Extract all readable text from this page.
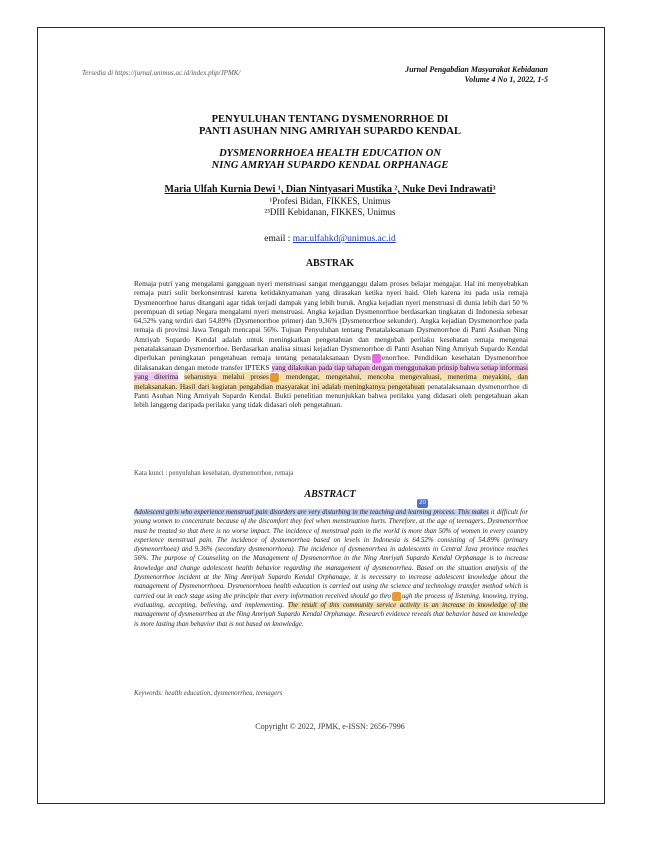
Tersedia di https://jurnal.unimus.ac.id/index.php/JPMK/	Jurnal Pengabdian Masyarakat Kebidanan
Volume 4 No 1, 2022, 1-5
PENYULUHAN TENTANG DYSMENORRHOE DI
PANTI ASUHAN NING AMRIYAH SUPARDO KENDAL
DYSMENORRHOEA HEALTH EDUCATION ON
NING AMRYAH SUPARDO KENDAL ORPHANAGE
Maria Ulfah Kurnia Dewi ¹, Dian Nintyasari Mustika ², Nuke Devi Indrawati³
¹Profesi Bidan, FIKKES, Unimus
²³DIII Kebidanan, FIKKES, Unimus
email : mar.ulfahkd@unimus.ac.id
ABSTRAK
Remaja putri yang mengalami gangguan nyeri menstruasi sangat mengganggu dalam proses belajar mengajar. Hal ini menyebabkan remaja putri sulit berkonsentrasi karena ketidaknyamanan yang dirasakan ketika nyeri haid. Oleh karena itu pada usia remaja Dysmenorrhoe harus ditangani agar tidak terjadi dampak yang lebih buruk. Angka kejadian nyeri menstruasi di dunia lebih dari 50 % perempuan di setiap Negara mengalami nyeri menstruasi. Angka kejadian Dysmenorrhoe berdasarkan tingkatan di Indonesia sebesar 64,52% yang terdiri dari 54,89% (Dysmenorrhoe primer) dan 9,36% (Dysmenorrhoe sekunder). Angka kejadian Dysmenorrhoe pada remaja di provinsi Jawa Tengah mencapai 56%. Tujuan Penyuluhan tentang Penatalaksanaan Dysmenorrhoe di Panti Asuhan Ning Amriyah Supardo Kendal adalah untuk meningkatkan pengetahuan dan mengubah perilaku kesehatan remaja mengenai penatalaksanaan Dysmenorrhoe. Berdasarkan analisa situasi kejadian Dysmenorrhoe di Panti Asuhan Ning Amriyah Supardo Kendal diperlukan peningkatan pengetahuan remaja tentang penatalaksanaan Dysm enorrhoe. Pendidikan kesehatan Dysmenorrhoe dilaksanakan dengan metode transfer IPTEKS yang dilakukan pada tiap tahapan dengan menggunakan prinsip bahwa setiap informasi yang diterima seharusnya melalui proses mendengar, mengetahui, mencoba mengevaluasi, menerima meyakini, dan melaksanakan. Hasil dari kegiatan pengabdian masyarakat ini adalah meningkatnya pengetahuan penatalaksanaan dysmenorrhoe di Panti Asuhan Ning Amriyah Supardo Kendal. Bukti penelitian menunjukkan bahwa perilaku yang didasari oleh pengetahuan akan lebih langgeng daripada perilaku yang tidak didasari oleh pengetahuan.
Kata kunci : penyuluhan kesehatan, dysmenorrhoe, remaja
ABSTRACT
20
Adolescent girls who experience menstrual pain disorders are very disturbing in the teaching and learning process. This makes it difficult for young women to concentrate because of the discomfort they feel when menstruation hurts. Therefore, at the age of teenagers, Dysmenorrhoe must be treated so that there is no worse impact. The incidence of menstrual pain in the world is more than 50% of women in every country experience menstrual pain. The incidence of dysmenorrhea based on levels in Indonesia is 64.52% consisting of 54.89% (primary dysmenorrhoea) and 9.36% (secondary dysmenorrhoea). The incidence of dysmenorrhea in adolescents in Central Java province reaches 56%. The purpose of Counseling on the Management of Dysmenorrhoe in the Ning Amriyah Supardo Kendal Orphanage is to increase knowledge and change adolescent health behavior regarding the management of dysmenorrhea. Based on the situation analysis of the Dysmenorrhoe incident at the Ning Amriyah Supardo Kendal Orphanage, it is necessary to increase adolescent knowledge about the management of Dysmenorrhoea. Dysmenorrhoea health education is carried out using the science and technology transfer method which is carried out in each stage using the principle that every information received should go thro ugh the process of listening, knowing, trying, evaluating, accepting, believing, and implementing. The result of this community service activity is an increase in knowledge of the management of dysmenorrhea at the Ning Amriyah Supardo Kendal Orphanage. Research evidence reveals that behavior based on knowledge is more lasting than behavior that is not based on knowledge.
Keywords: health education, dysmenorrhea, teenagers
Copyright © 2022, JPMK, e-ISSN: 2656-7996
